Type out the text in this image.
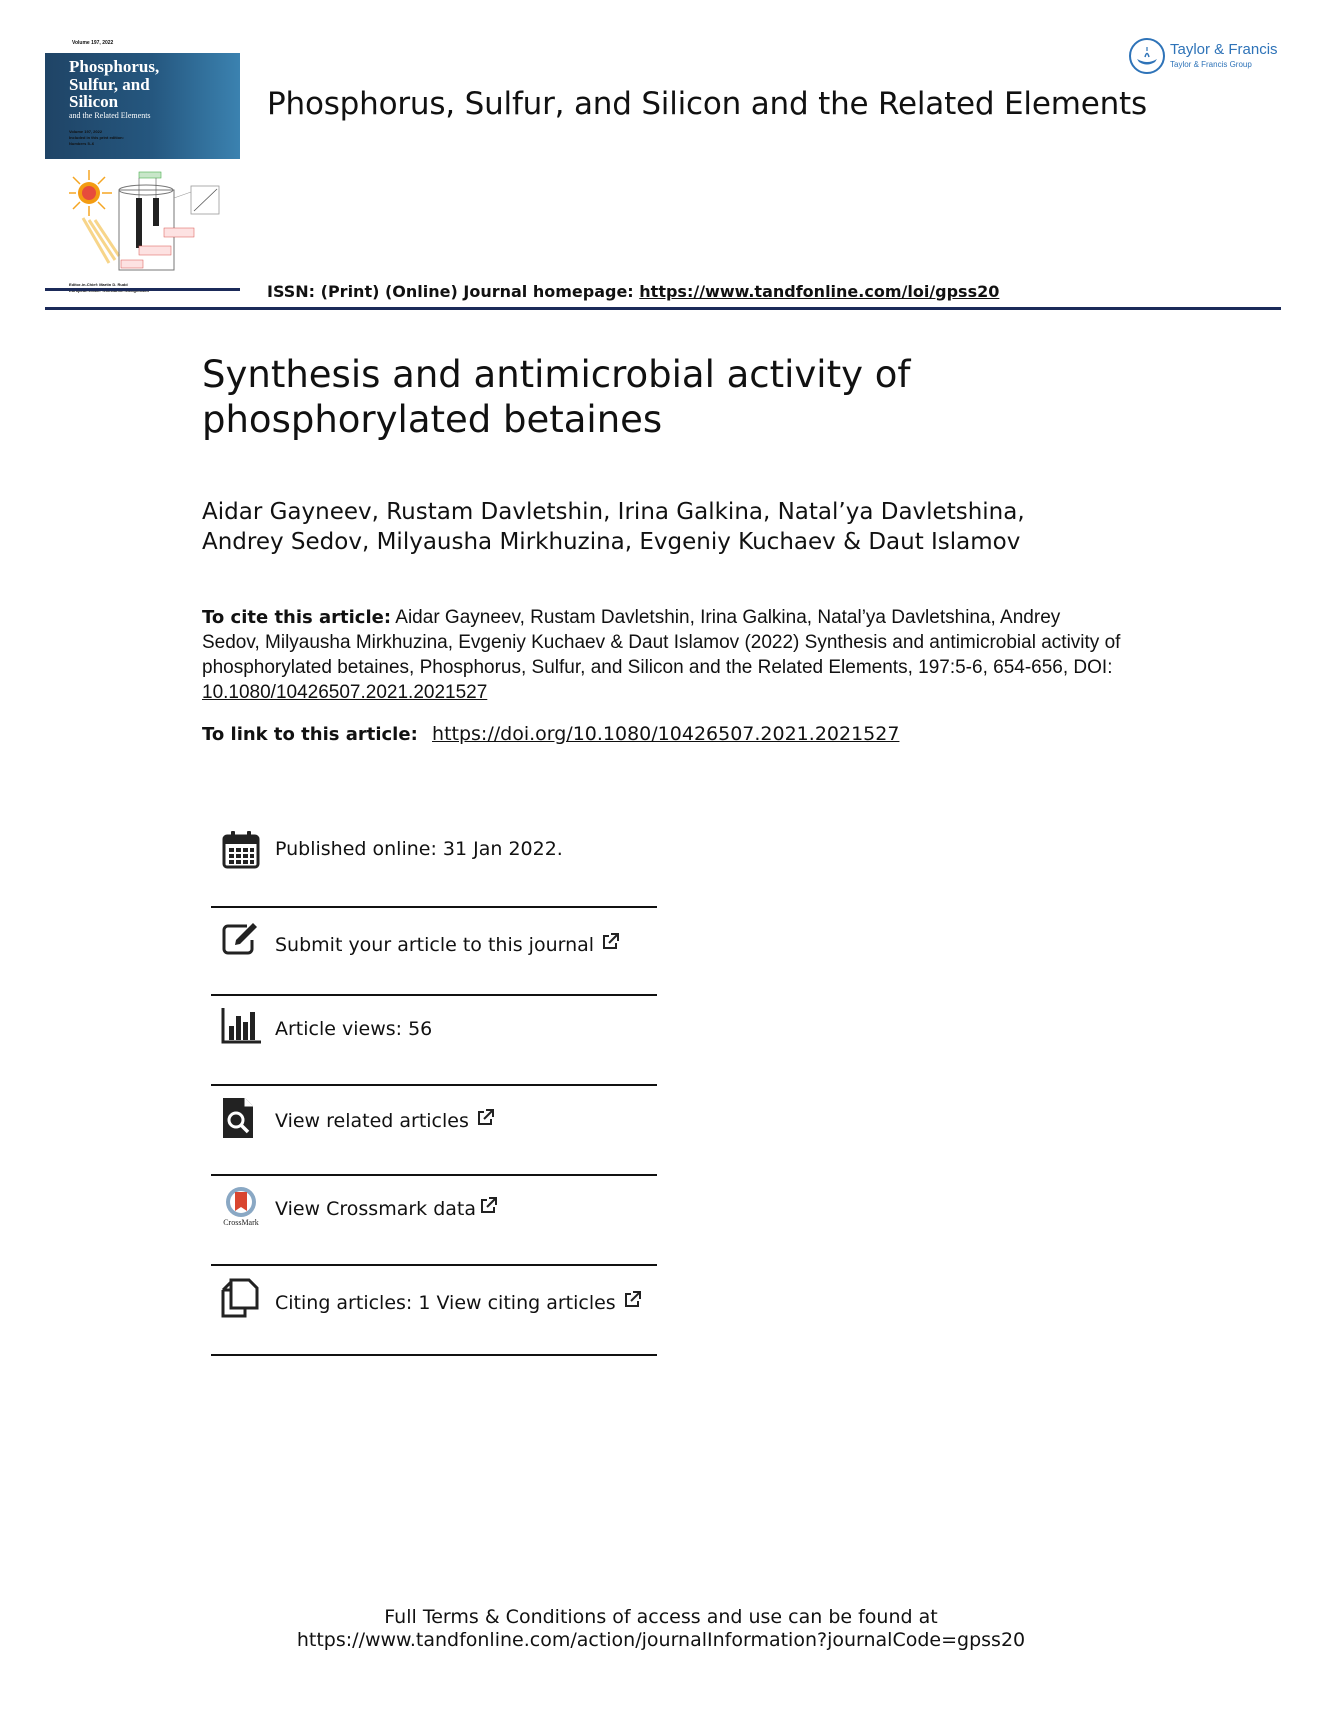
Volume 197, 2022
Phosphorus,
Sulfur, and
Silicon
and the Related Elements
Volume 197, 2022
Included in this print edition:
Numbers 5–6
Editor-in-Chief: Martin D. Rudd
Phosphorus, Sulfur, and Silicon and the Related Elements
Taylor & Francis
Taylor & Francis Group
ISSN: (Print) (Online) Journal homepage: https://www.tandfonline.com/loi/gpss20
Synthesis and antimicrobial activity of
phosphorylated betaines
Aidar Gayneev, Rustam Davletshin, Irina Galkina, Natal’ya Davletshina,
Andrey Sedov, Milyausha Mirkhuzina, Evgeniy Kuchaev & Daut Islamov
To cite this article: Aidar Gayneev, Rustam Davletshin, Irina Galkina, Natal’ya Davletshina, Andrey Sedov, Milyausha Mirkhuzina, Evgeniy Kuchaev & Daut Islamov (2022) Synthesis and antimicrobial activity of phosphorylated betaines, Phosphorus, Sulfur, and Silicon and the Related Elements, 197:5-6, 654-656, DOI: 10.1080/10426507.2021.2021527
To link to this article: https://doi.org/10.1080/10426507.2021.2021527
Published online: 31 Jan 2022.
Submit your article to this journal
Article views: 56
View related articles
CrossMark
View Crossmark data
Citing articles: 1 View citing articles
Full Terms & Conditions of access and use can be found at
https://www.tandfonline.com/action/journalInformation?journalCode=gpss20
